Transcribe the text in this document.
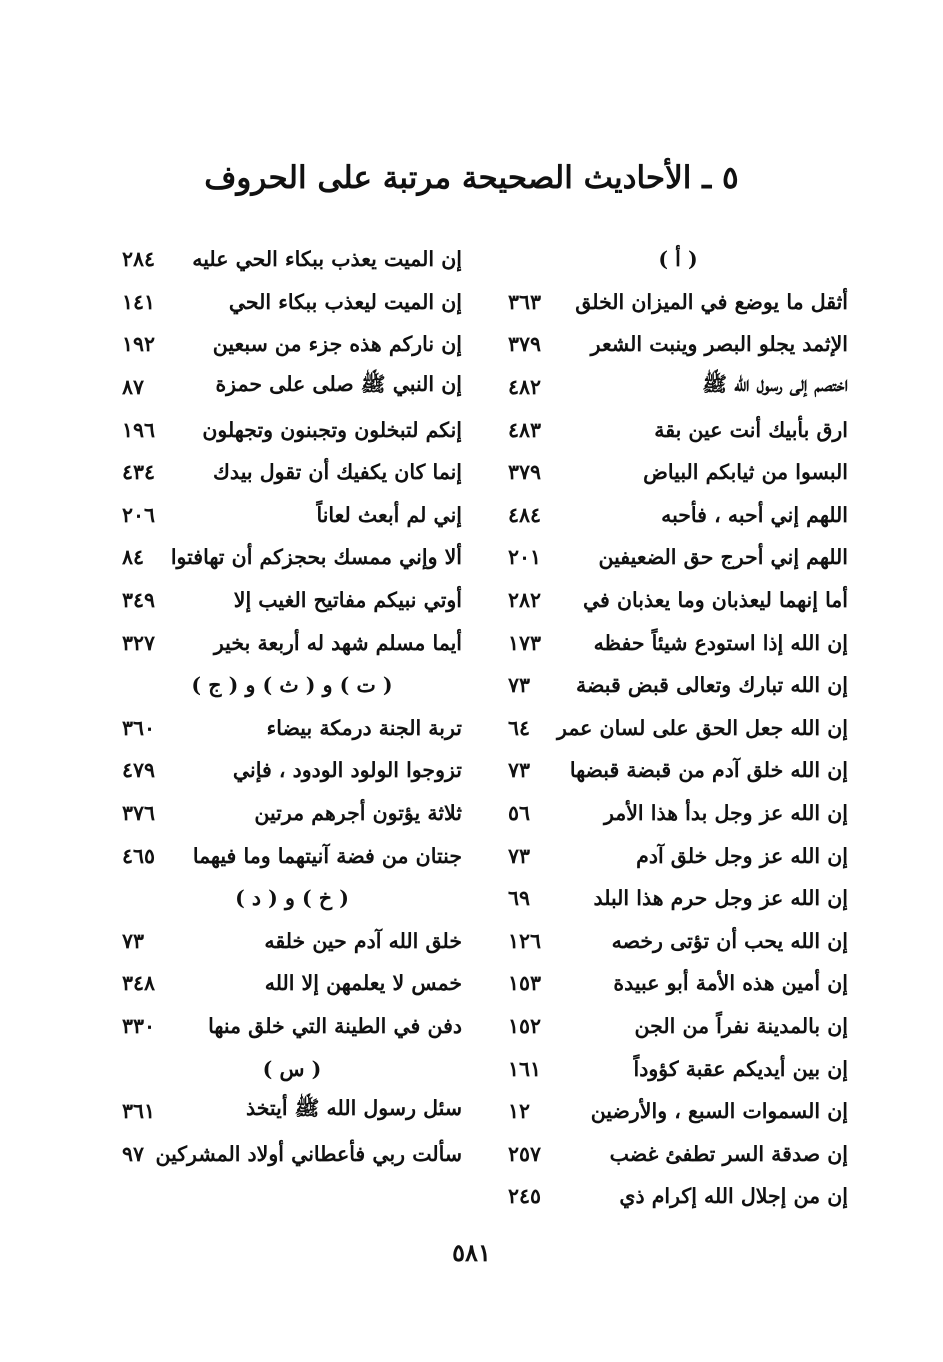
٥ ـ الأحاديث الصحيحة مرتبة على الحروف
( أ )
أثقل ما يوضع في الميزان الخلق
٣٦٣
الإثمد يجلو البصر وينبت الشعر
٣٧٩
اختصم إلى رسول الله ﷺ
٤٨٢
ارق بأبيك أنت عين بقة
٤٨٣
البسوا من ثيابكم البياض
٣٧٩
اللهم إني أحبه ، فأحبه
٤٨٤
اللهم إني أحرج حق الضعيفين
٢٠١
أما إنهما ليعذبان وما يعذبان في
٢٨٢
إن الله إذا استودع شيئاً حفظه
١٧٣
إن الله تبارك وتعالى قبض قبضة
٧٣
إن الله جعل الحق على لسان عمر
٦٤
إن الله خلق آدم من قبضة قبضها
٧٣
إن الله عز وجل بدأ هذا الأمر
٥٦
إن الله عز وجل خلق آدم
٧٣
إن الله عز وجل حرم هذا البلد
٦٩
إن الله يحب أن تؤتى رخصه
١٢٦
إن أمين هذه الأمة أبو عبيدة
١٥٣
إن بالمدينة نفراً من الجن
١٥٢
إن بين أيديكم عقبة كؤوداً
١٦١
إن السموات السبع ، والأرضين
١٢
إن صدقة السر تطفئ غضب
٢٥٧
إن من إجلال الله إكرام ذي
٢٤٥
إن الميت يعذب ببكاء الحي عليه
٢٨٤
إن الميت ليعذب ببكاء الحي
١٤١
إن ناركم هذه جزء من سبعين
١٩٢
إن النبي ﷺ صلى على حمزة
٨٧
إنكم لتبخلون وتجبنون وتجهلون
١٩٦
إنما كان يكفيك أن تقول بيدك
٤٣٤
إني لم أبعث لعاناً
٢٠٦
ألا وإني ممسك بحجزكم أن تهافتوا
٨٤
أوتي نبيكم مفاتيح الغيب إلا
٣٤٩
أيما مسلم شهد له أربعة بخير
٣٢٧
( ت ) و ( ث ) و ( ج )
تربة الجنة درمكة بيضاء
٣٦٠
تزوجوا الولود الودود ، فإني
٤٧٩
ثلاثة يؤتون أجرهم مرتين
٣٧٦
جنتان من فضة آنيتهما وما فيهما
٤٦٥
( خ ) و ( د )
خلق الله آدم حين خلقه
٧٣
خمس لا يعلمهن إلا الله
٣٤٨
دفن في الطينة التي خلق منها
٣٣٠
( س )
سئل رسول الله ﷺ أيتخذ
٣٦١
سألت ربي فأعطاني أولاد المشركين
٩٧
٥٨١
